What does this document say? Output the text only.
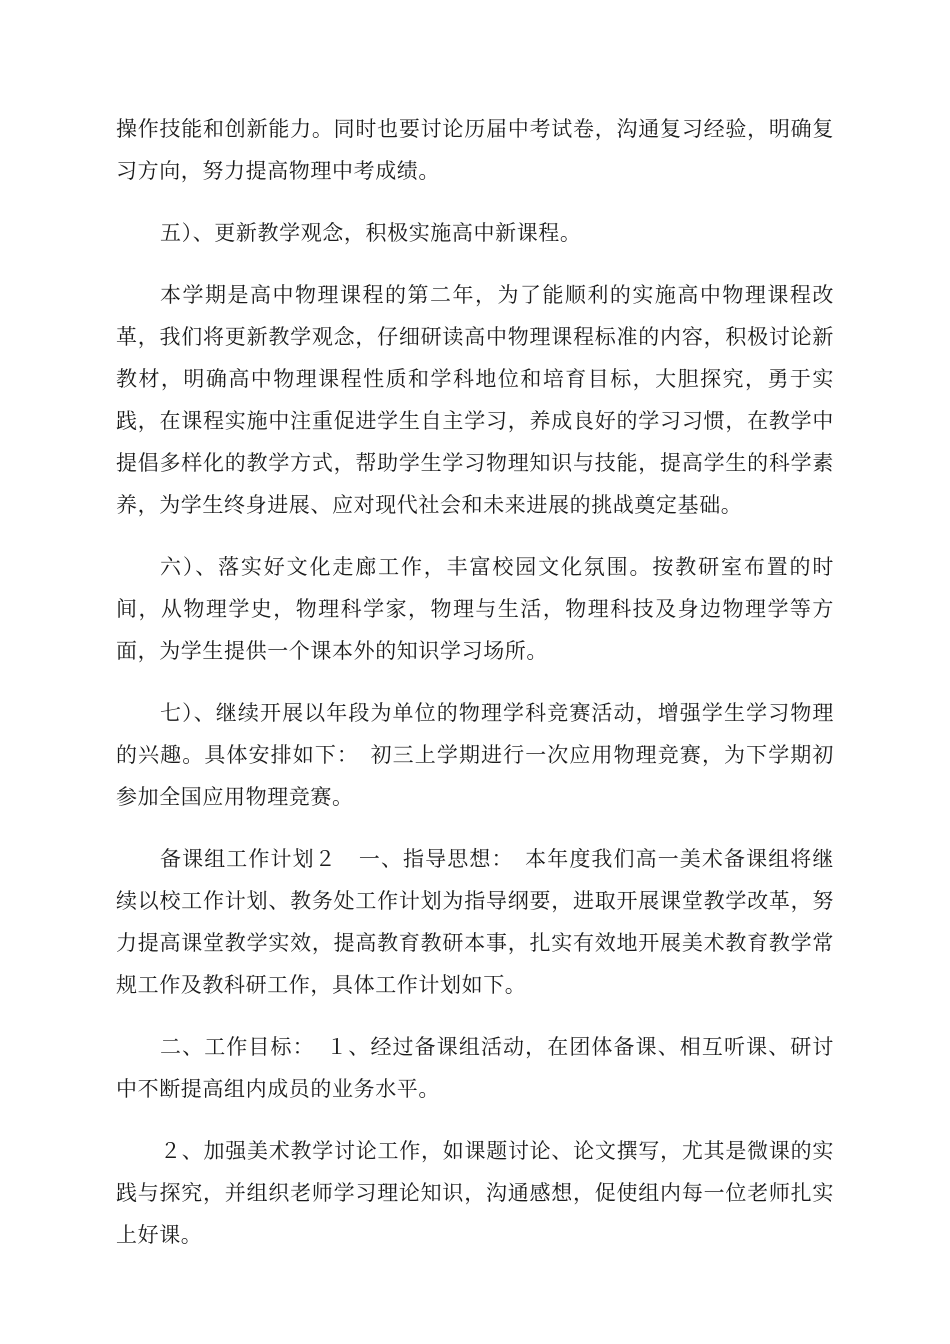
操作技能和创新能力。同时也要讨论历届中考试卷，沟通复习经验，明确复习方向，努力提高物理中考成绩。

五）、更新教学观念，积极实施高中新课程。

本学期是高中物理课程的第二年，为了能顺利的实施高中物理课程改革，我们将更新教学观念，仔细研读高中物理课程标准的内容，积极讨论新教材，明确高中物理课程性质和学科地位和培育目标，大胆探究，勇于实践，在课程实施中注重促进学生自主学习，养成良好的学习习惯，在教学中提倡多样化的教学方式，帮助学生学习物理知识与技能，提高学生的科学素养，为学生终身进展、应对现代社会和未来进展的挑战奠定基础。

六）、落实好文化走廊工作，丰富校园文化氛围。按教研室布置的时间，从物理学史，物理科学家，物理与生活，物理科技及身边物理学等方面，为学生提供一个课本外的知识学习场所。

七）、继续开展以年段为单位的物理学科竞赛活动，增强学生学习物理的兴趣。具体安排如下：　初三上学期进行一次应用物理竞赛，为下学期初参加全国应用物理竞赛。

备课组工作计划２　一、指导思想：　本年度我们高一美术备课组将继续以校工作计划、教务处工作计划为指导纲要，进取开展课堂教学改革，努力提高课堂教学实效，提高教育教研本事，扎实有效地开展美术教育教学常规工作及教科研工作，具体工作计划如下。

二、工作目标：　１、经过备课组活动，在团体备课、相互听课、研讨中不断提高组内成员的业务水平。

２、加强美术教学讨论工作，如课题讨论、论文撰写，尤其是微课的实践与探究，并组织老师学习理论知识，沟通感想，促使组内每一位老师扎实上好课。
